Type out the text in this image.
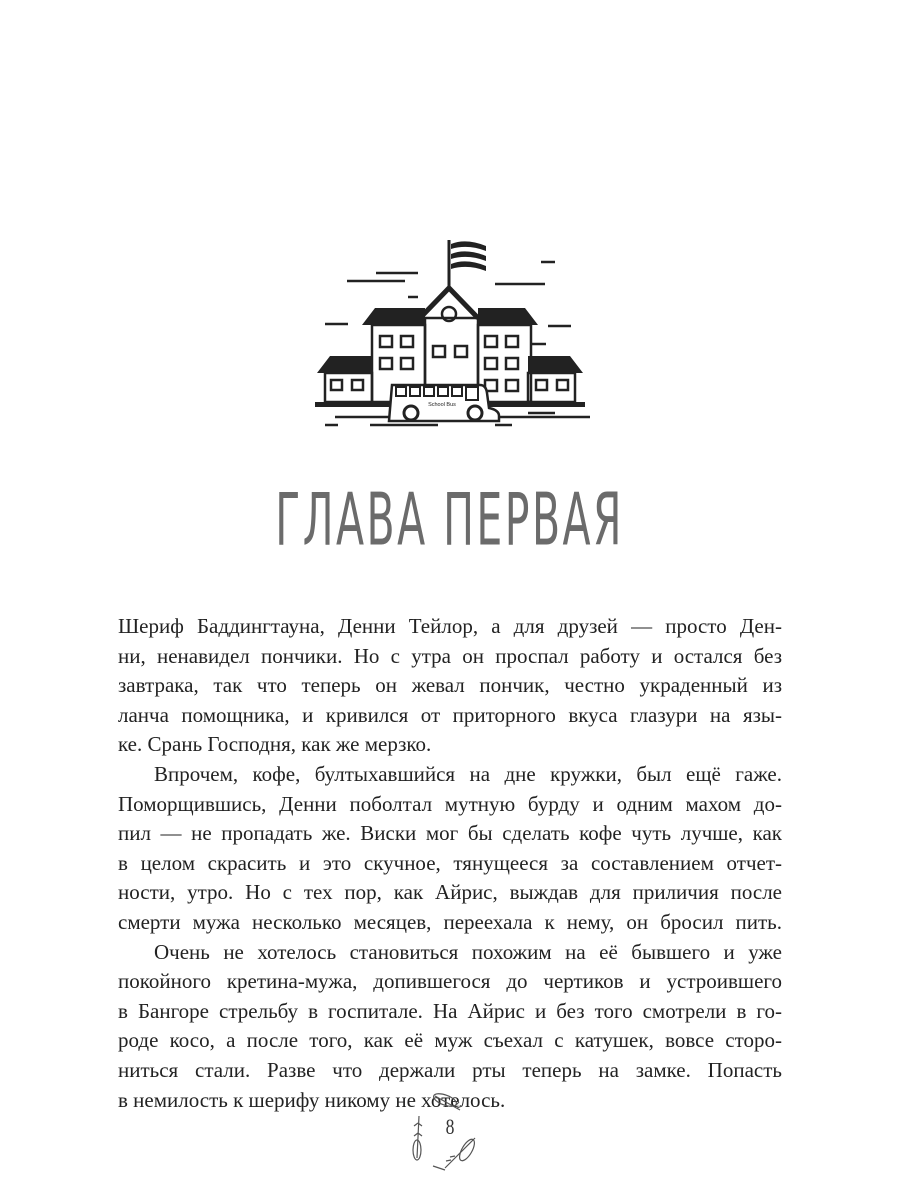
School Bus
ГЛАВА ПЕРВАЯ
Шериф Баддингтауна, Денни Тейлор, а для друзей — просто Ден-
ни, ненавидел пончики. Но с утра он проспал работу и остался без
завтрака, так что теперь он жевал пончик, честно украденный из
ланча помощника, и кривился от приторного вкуса глазури на язы-
ке. Срань Господня, как же мерзко.
Впрочем, кофе, бултыхавшийся на дне кружки, был ещё гаже.
Поморщившись, Денни поболтал мутную бурду и одним махом до-
пил — не пропадать же. Виски мог бы сделать кофе чуть лучше, как
в целом скрасить и это скучное, тянущееся за составлением отчет-
ности, утро. Но с тех пор, как Айрис, выждав для приличия после
смерти мужа несколько месяцев, переехала к нему, он бросил пить.
Очень не хотелось становиться похожим на её бывшего и уже
покойного кретина-мужа, допившегося до чертиков и устроившего
в Бангоре стрельбу в госпитале. На Айрис и без того смотрели в го-
роде косо, а после того, как её муж съехал с катушек, вовсе сторо-
ниться стали. Разве что держали рты теперь на замке. Попасть
в немилость к шерифу никому не хотелось.
8
